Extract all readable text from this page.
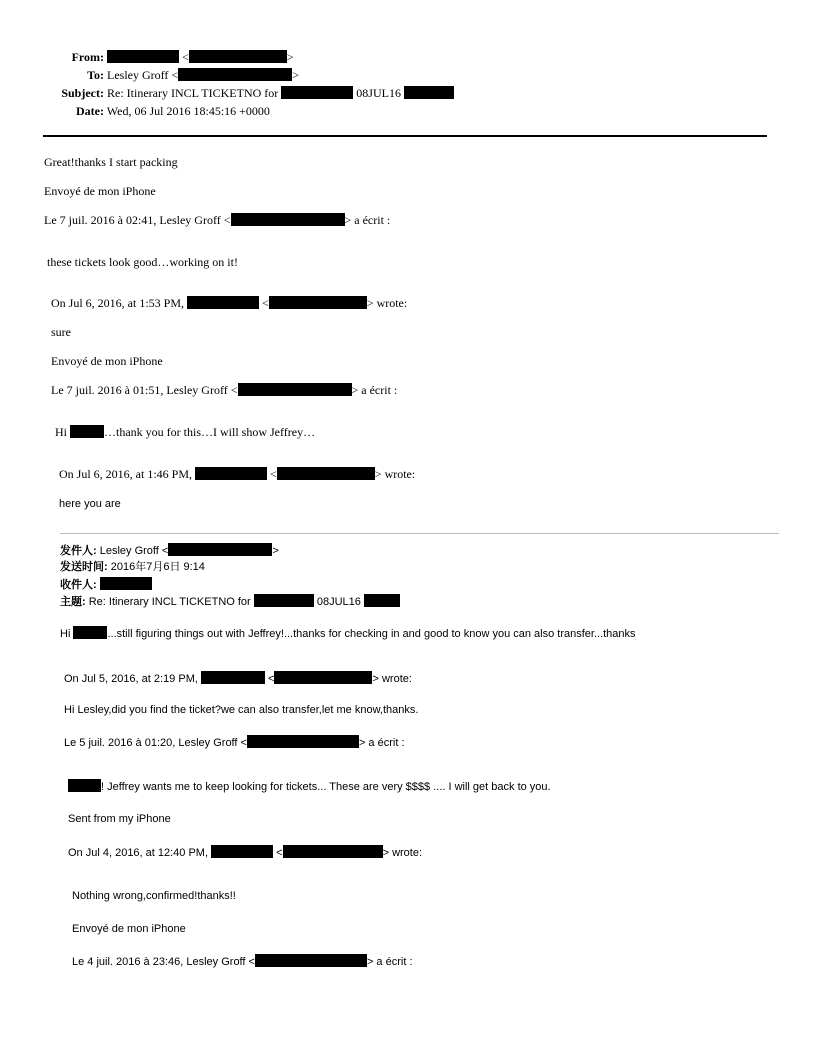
From:	<	>
To: Lesley Groff <	>
Subject: Re: Itinerary INCL TICKETNO for	08JUL16
Date: Wed, 06 Jul 2016 18:45:16 +0000
Great!thanks I start packing
Envoyé de mon iPhone
Le 7 juil. 2016 à 02:41, Lesley Groff <	> a écrit :
these tickets look good…working on it!
On Jul 6, 2016, at 1:53 PM,	<	> wrote:
sure
Envoyé de mon iPhone
Le 7 juil. 2016 à 01:51, Lesley Groff <	> a écrit :
Hi	…thank you for this…I will show Jeffrey…
On Jul 6, 2016, at 1:46 PM,	<	> wrote:
here you are
发件人: Lesley Groff <	>
发送时间: 2016年7月6日 9:14
收件人:
主题: Re: Itinerary INCL TICKETNO for	08JUL16
Hi	...still figuring things out with Jeffrey!...thanks for checking in and good to know you can also transfer...thanks
On Jul 5, 2016, at 2:19 PM,	<	> wrote:
Hi Lesley,did you find the ticket?we can also transfer,let me know,thanks.
Le 5 juil. 2016 à 01:20, Lesley Groff <	> a écrit :
! Jeffrey wants me to keep looking for tickets... These are very $$$$ .... I will get back to you.
Sent from my iPhone
On Jul 4, 2016, at 12:40 PM,	<	> wrote:
Nothing wrong,confirmed!thanks!!
Envoyé de mon iPhone
Le 4 juil. 2016 à 23:46, Lesley Groff <	> a écrit :
